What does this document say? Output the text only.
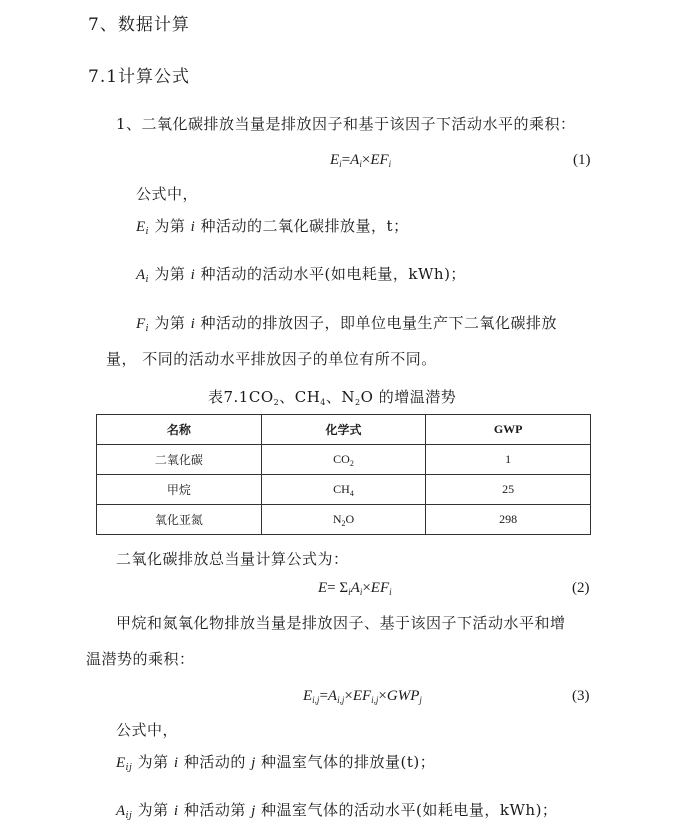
7、数据计算
7.1计算公式
1、二氧化碳排放当量是排放因子和基于该因子下活动水平的乘积：
$E_i=A_i\times EF_i$	(1)
公式中，
$E_i$ 为第 i 种活动的二氧化碳排放量，t；
$A_i$ 为第 i 种活动的活动水平(如电耗量，kWh)；
$F_i$ 为第 i 种活动的排放因子，即单位电量生产下二氧化碳排放
量， 不同的活动水平排放因子的单位有所不同。
表$7.1CO_2$、$CH_4$、$N_2O$ 的增温潜势
名称	化学式	GWP
二氧化碳	$CO_2$	1
甲烷	$CH_4$	25
氧化亚氮	$N_2O$	298
二氧化碳排放总当量计算公式为：
$E= \Sigma_iA_i\times EF_i$	(2)
甲烷和氮氧化物排放当量是排放因子、基于该因子下活动水平和增
温潜势的乘积：
$E_{i,j}=A_{i,j}\times EF_{i,j}\times GWP_j$	(3)
公式中，
$E_{ij}$ 为第 i 种活动的 j 种温室气体的排放量(t)；
$A_{ij}$ 为第 i 种活动第 j 种温室气体的活动水平(如耗电量，kWh)；
